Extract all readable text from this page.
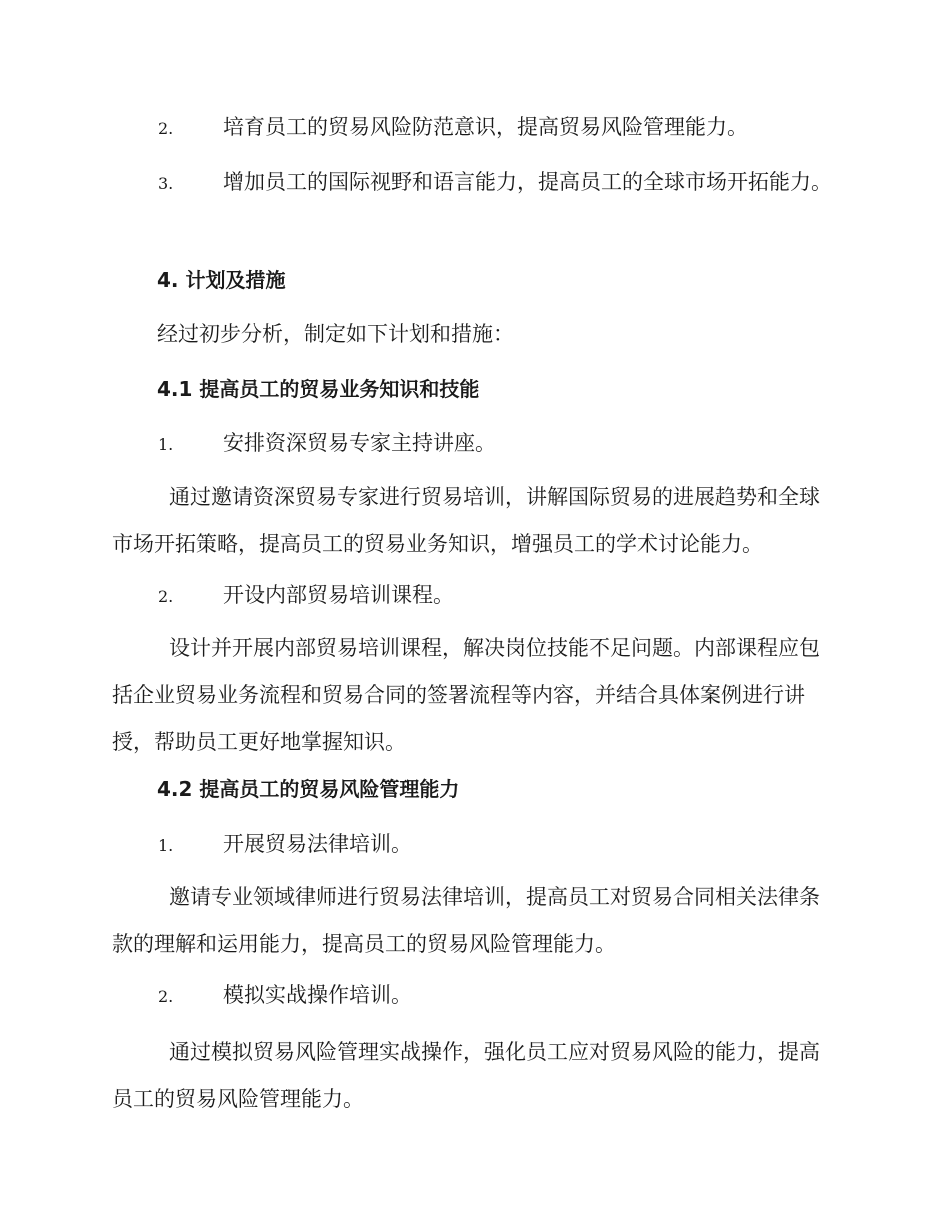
2. 培育员工的贸易风险防范意识，提高贸易风险管理能力。
3. 增加员工的国际视野和语言能力，提高员工的全球市场开拓能力。
4. 计划及措施
经过初步分析，制定如下计划和措施：
4.1 提高员工的贸易业务知识和技能
1. 安排资深贸易专家主持讲座。
通过邀请资深贸易专家进行贸易培训，讲解国际贸易的进展趋势和全球市场开拓策略，提高员工的贸易业务知识，增强员工的学术讨论能力。
2. 开设内部贸易培训课程。
设计并开展内部贸易培训课程，解决岗位技能不足问题。内部课程应包括企业贸易业务流程和贸易合同的签署流程等内容，并结合具体案例进行讲授，帮助员工更好地掌握知识。
4.2 提高员工的贸易风险管理能力
1. 开展贸易法律培训。
邀请专业领域律师进行贸易法律培训，提高员工对贸易合同相关法律条款的理解和运用能力，提高员工的贸易风险管理能力。
2. 模拟实战操作培训。
通过模拟贸易风险管理实战操作，强化员工应对贸易风险的能力，提高员工的贸易风险管理能力。
